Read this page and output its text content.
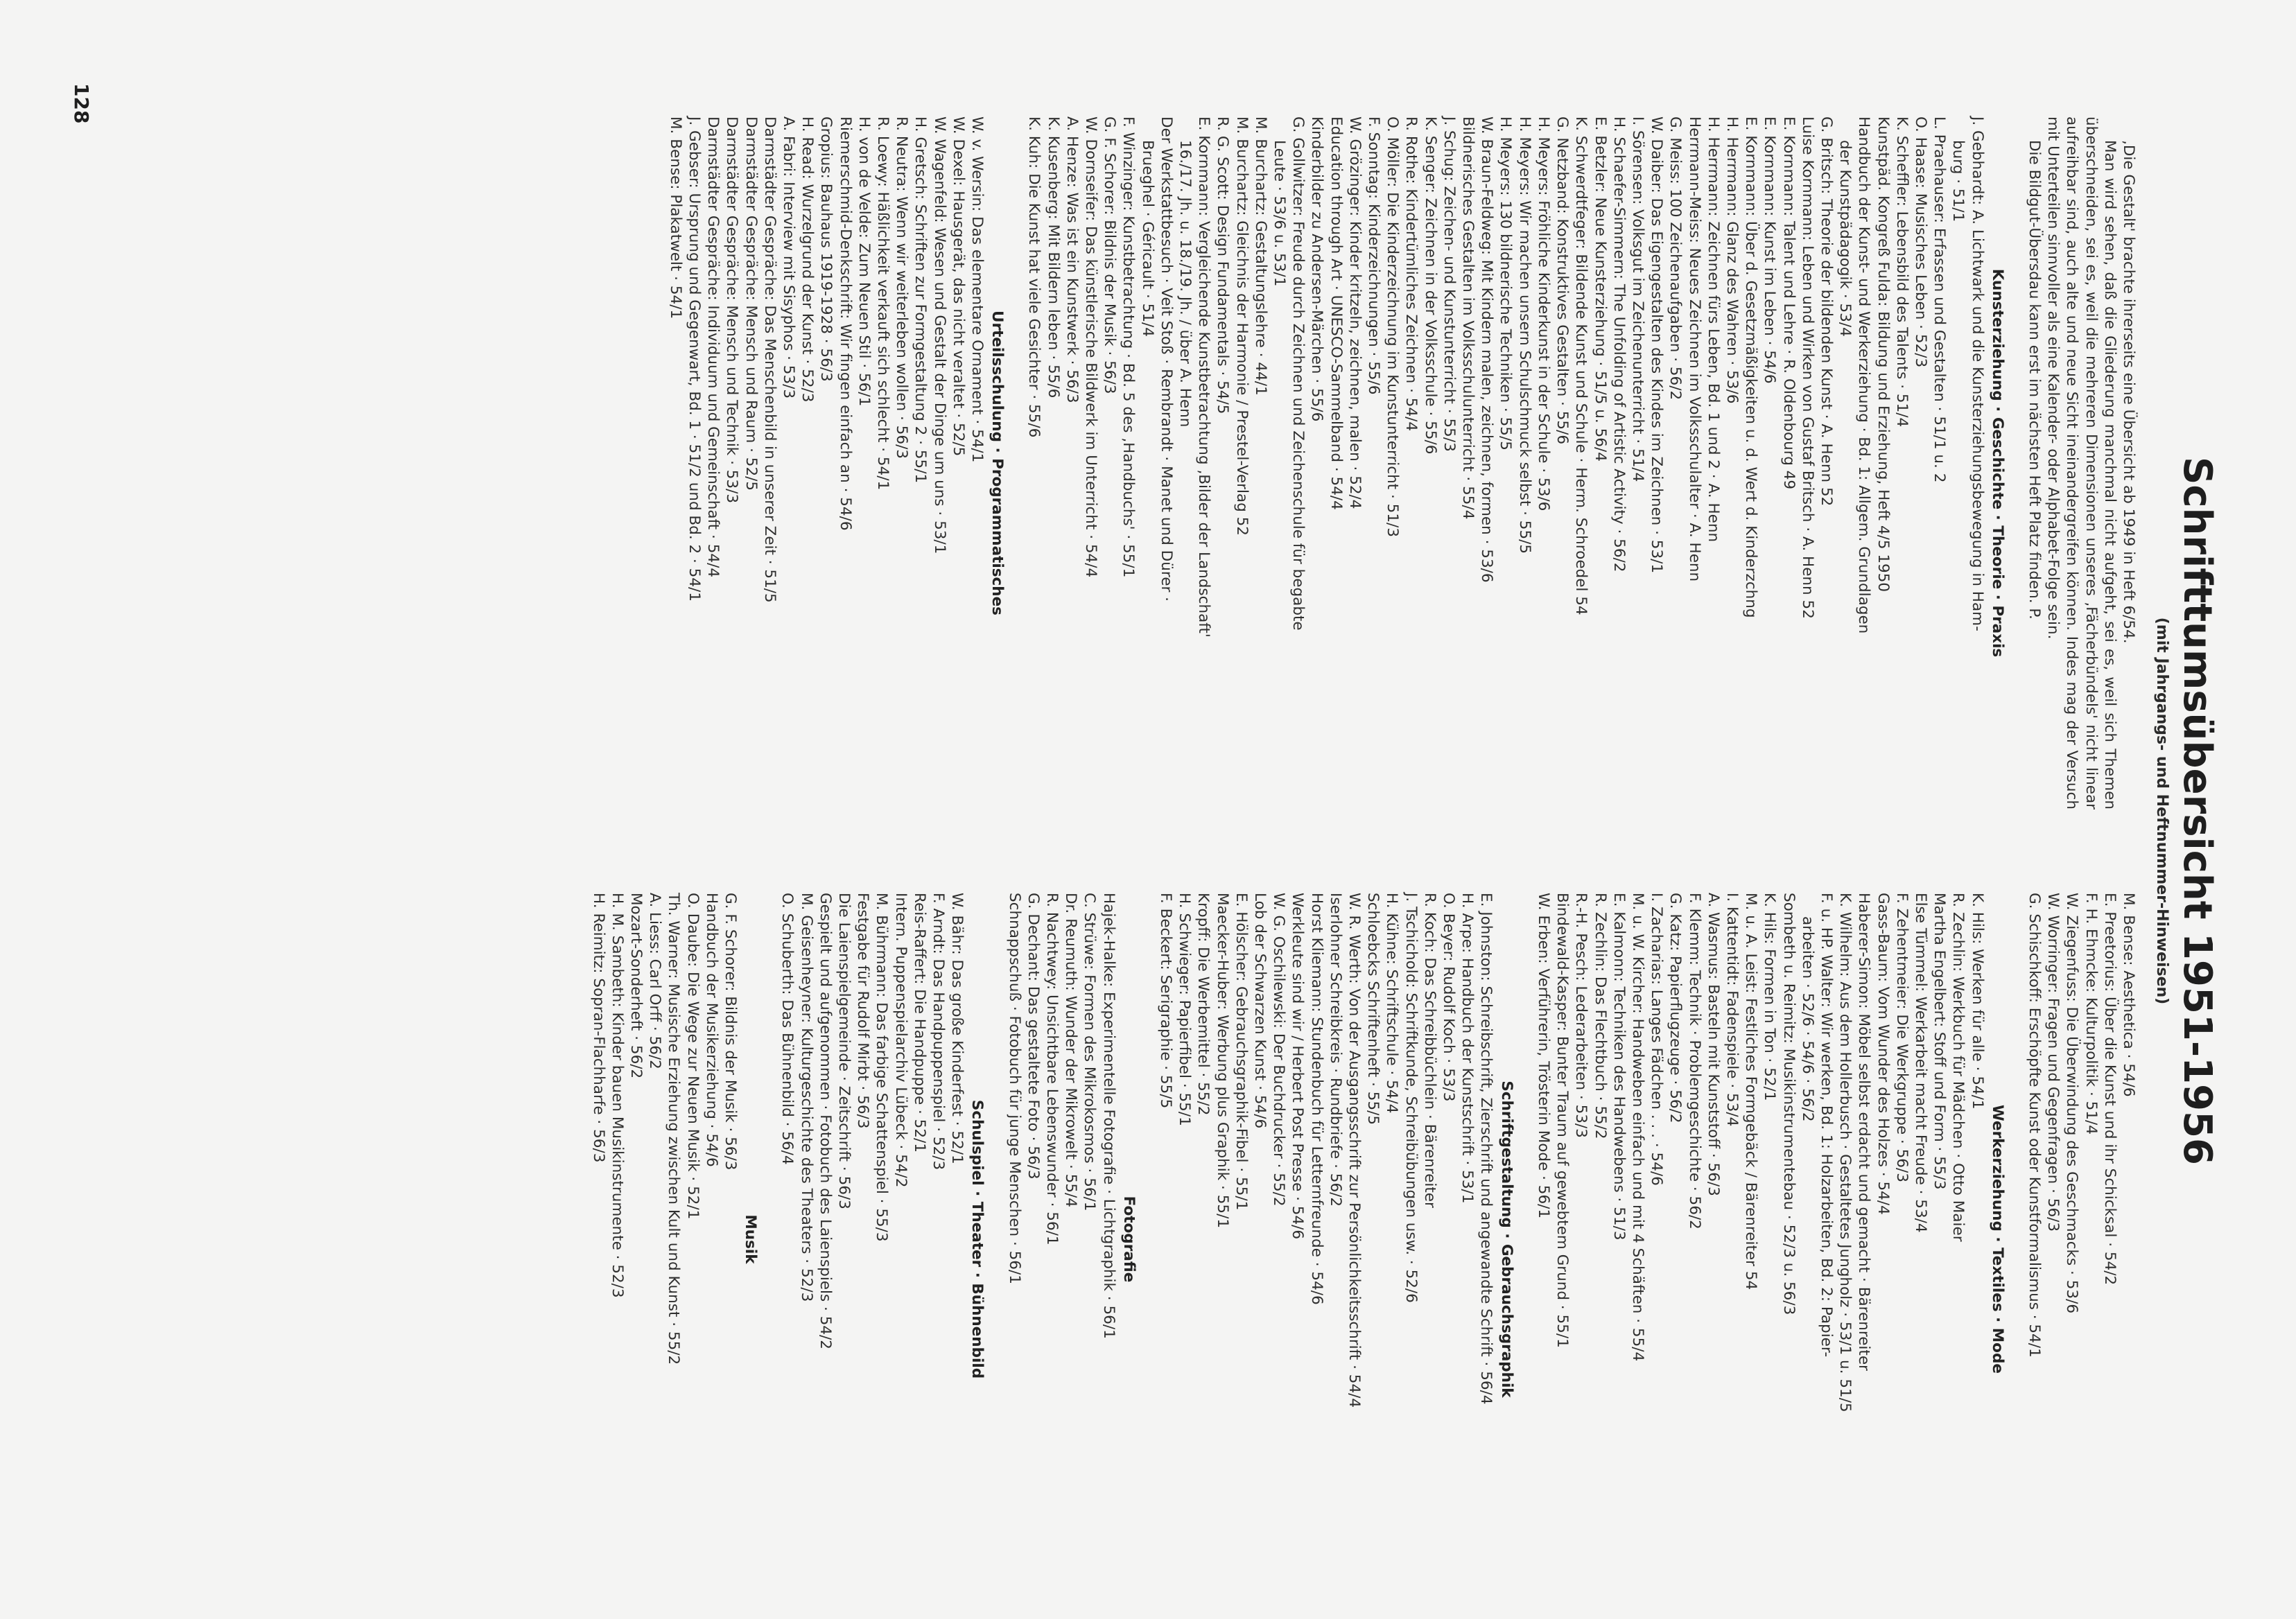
Schrifttumsübersicht 1951-1956
(mit Jahrgangs- und Heftnummer-Hinweisen)

‚Die Gestalt' brachte ihrerseits eine Übersicht ab 1949 in Heft 6/54.

Man wird sehen, daß die Gliederung manchmal nicht aufgeht, sei es, weil sich Themen überschneiden, sei es, weil die mehreren Dimensionen unseres ‚Fächerbündels' nicht linear aufreihbar sind, auch alte und neue Sicht ineinandergreifen können. Indes mag der Versuch mit Unterteilen sinnvoller als eine Kalender- oder Alphabet-Folge sein.

Die Bildgut-Übersdau kann erst im nächsten Heft Platz finden. P.

Kunsterziehung · Geschichte · Theorie · Praxis
J. Gebhardt: A. Lichtwark und die Kunsterziehungsbewegung in Ham-
burg · 51/1
L. Praehauser: Erfassen und Gestalten · 51/1 u. 2
O. Haase: Musisches Leben · 52/3
K. Scheffler: Lebensbild des Talents · 51/4
Kunstpäd. Kongreß Fulda: Bildung und Erziehung, Heft 4/5 1950
Handbuch der Kunst- und Werkerziehung · Bd. 1: Allgem. Grundlagen
der Kunstpädagogik · 53/4
G. Britsch: Theorie der bildenden Kunst · A. Henn 52
Luise Kornmann: Leben und Wirken von Gustaf Britsch · A. Henn 52
E. Kornmann: Talent und Lehre · R. Oldenbourg 49
E. Kornmann: Kunst im Leben · 54/6
E. Kornmann: Über d. Gesetzmäßigkeiten u. d. Wert d. Kinderzchng
H. Herrmann: Glanz des Wahren · 53/6
H. Herrmann: Zeichnen fürs Leben, Bd. 1 und 2 · A. Henn
Herrmann-Meiss: Neues Zeichnen im Volksschulalter · A. Henn
G. Meiss: 100 Zeichenaufgaben · 56/2
W. Daiber: Das Eigengestalten des Kindes im Zeichnen · 53/1
I. Sörensen: Volksgut im Zeichenunterricht · 51/4
H. Schaefer-Simmern: The Unfolding of Artistic Activity · 56/2
E. Betzler: Neue Kunsterziehung · 51/5 u. 56/4
K. Schwerdtfeger: Bildende Kunst und Schule · Herm. Schroedel 54
G. Netzband: Konstruktives Gestalten · 55/6
H. Meyers: Fröhliche Kinderkunst in der Schule · 53/6
H. Meyers: Wir machen unsern Schulschmuck selbst · 55/5
H. Meyers: 130 bildnerische Techniken · 55/5
W. Braun-Feldweg: Mit Kindern malen, zeichnen, formen · 53/6
Bildnerisches Gestalten im Volksschulunterricht · 55/4
J. Schug: Zeichen- und Kunstunterricht · 55/3
K. Senger: Zeichnen in der Volksschule · 55/6
R. Rothe: Kindertümliches Zeichnen · 54/4
O. Möller: Die Kinderzeichnung im Kunstunterricht · 51/3
F. Sonntag: Kinderzeichnungen · 55/6
W. Grözinger: Kinder kritzeln, zeichnen, malen · 52/4
Education through Art · UNESCO-Sammelband · 54/4
Kinderbilder zu Andersen-Märchen · 55/6
G. Gollwitzer: Freude durch Zeichnen und Zeichenschule für begabte
Leute · 53/6 u. 53/1
M. Burchartz: Gestaltungslehre · 44/1
M. Burchartz: Gleichnis der Harmonie / Prestel-Verlag 52
R. G. Scott: Design Fundamentals · 54/5
E. Kornmann: Vergleichende Kunstbetrachtung ‚Bilder der Landschaft'
16./17. Jh. u. 18./19. Jh. / über A. Henn
Der Werkstattbesuch · Veit Stoß · Rembrandt · Manet und Dürer ·
Brueghel · Géricault · 51/4
F. Winzinger: Kunstbetrachtung · Bd. 5 des ‚Handbuchs' · 55/1
G. F. Schorer: Bildnis der Musik · 56/3
W. Dornseifer: Das künstlerische Bildwerk im Unterricht · 54/4
A. Henze: Was ist ein Kunstwerk · 56/3
K. Kusenberg: Mit Bildern leben · 55/6
K. Kuh: Die Kunst hat viele Gesichter · 55/6
Urteilsschulung · Programmatisches
W. v. Wersin: Das elementare Ornament · 54/1
W. Dexel: Hausgerät, das nicht veraltet · 52/5
W. Wagenfeld: Wesen und Gestalt der Dinge um uns · 53/1
H. Gretsch: Schriften zur Formgestaltung 2 · 55/1
R. Neutra: Wenn wir weiterleben wollen · 56/3
R. Loewy: Häßlichkeit verkauft sich schlecht · 54/1
H. von de Velde: Zum Neuen Stil · 56/1
Riemerschmid-Denkschrift: Wir fingen einfach an · 54/6
Gropius: Bauhaus 1919-1928 · 56/3
H. Read: Wurzelgrund der Kunst · 52/3
A. Fabri: Interview mit Sisyphos · 53/3
Darmstädter Gespräche: Das Menschenbild in unserer Zeit · 51/5
Darmstädter Gespräche: Mensch und Raum · 52/5
Darmstädter Gespräche: Mensch und Technik · 53/3
Darmstädter Gespräche: Individuum und Gemeinschaft · 54/4
J. Gebser: Ursprung und Gegenwart, Bd. 1 · 51/2 und Bd. 2 · 54/1
M. Bense: Plakatwelt · 54/1
M. Bense: Aesthetica · 54/6
E. Preetorius: Über die Kunst und ihr Schicksal · 54/2
F. H. Ehmcke: Kulturpolitik · 51/4
W. Ziegenfuss: Die Überwindung des Geschmacks · 53/6
W. Worringer: Fragen und Gegenfragen · 56/3
G. Schischkoff: Erschöpfte Kunst oder Kunstformalismus · 54/1
Werkerziehung · Textiles · Mode
K. Hils: Werken für alle · 54/1
R. Zechlin: Werkbuch für Mädchen · Otto Maier
Martha Engelbert: Stoff und Form · 55/3
Else Tümmel: Werkarbeit macht Freude · 53/4
F. Zehentmeier: Die Werkgruppe · 56/3
Gass-Baum: Vom Wunder des Holzes · 54/4
Haberer-Simon: Möbel selbst erdacht und gemacht · Bärenreiter
K. Wilhelm: Aus dem Hollerbusch · Gestaltetes Jungholz · 53/1 u. 51/5
F. u. HP. Walter: Wir werken, Bd. 1: Holzarbeiten, Bd. 2: Papier-
arbeiten · 52/6 · 54/6 · 56/2
Sombeth u. Reimitz: Musikinstrumentebau · 52/3 u. 56/3
K. Hils: Formen in Ton · 52/1
M. u. A. Leist: Festliches Formgebäck / Bärenreiter 54
I. Kattentidt: Fadenspiele · 53/4
A. Wasmus: Basteln mit Kunststoff · 56/3
F. Klemm: Technik · Problemgeschichte · 56/2
G. Katz: Papierflugzeuge · 56/2
I. Zacharias: Langes Fädchen . . . · 54/6
M. u. W. Kircher: Handweben einfach und mit 4 Schäften · 55/4
E. Kalmonn: Techniken des Handwebens · 51/3
R. Zechlin: Das Flechtbuch · 55/2
R.-H. Pesch: Lederarbeiten · 53/3
Bindewald-Kasper: Bunter Traum auf gewebtem Grund · 55/1
W. Erben: Verführerin, Trösterin Mode · 56/1
Schriftgestaltung · Gebrauchsgraphik
E. Johnston: Schreibschrift, Zierschrift und angewandte Schrift · 56/4
H. Arpe: Handbuch der Kunstschrift · 53/1
O. Beyer: Rudolf Koch · 53/3
R. Koch: Das Schreibbüchlein · Bärenreiter
J. Tschichold: Schriftkunde, Schreibübungen usw. · 52/6
H. Kühne: Schriftschule · 54/4
Schloebcks Schriftenheft · 55/5
W. R. Werth: Von der Ausgangsschrift zur Persönlichkeitsschrift · 54/4
Iserlohner Schreibkreis · Rundbriefe · 56/2
Horst Kliemann: Stundenbuch für Letternfreunde · 54/6
Werkleute sind wir / Herbert Post Presse · 54/6
W. G. Oschilewski: Der Buchdrucker · 55/2
Lob der Schwarzen Kunst · 54/6
E. Hölscher: Gebrauchsgraphik-Fibel · 55/1
Maecker-Huber: Werbung plus Graphik · 55/1
Kropff: Die Werbemittel · 55/2
H. Schwieger: Papierfibel · 55/1
F. Beckert: Serigraphie · 55/5
Fotografie
Hajek-Halke: Experimentelle Fotografie · Lichtgraphik · 56/1
C. Strüwe: Formen des Mikrokosmos · 56/1
Dr. Reumuth: Wunder der Mikrowelt · 55/4
R. Nachtwey: Unsichtbare Lebenswunder · 56/1
G. Dechant: Das gestaltete Foto · 56/3
Schnappschuß · Fotobuch für junge Menschen · 56/1
Schulspiel · Theater · Bühnenbild
W. Bähr: Das große Kinderfest · 52/1
F. Arndt: Das Handpuppenspiel · 52/3
Reis-Raffert: Die Handpuppe · 52/1
Intern. Puppenspielarchiv Lübeck · 54/2
M. Bührmann: Das farbige Schattenspiel · 55/3
Festgabe für Rudolf Mirbt · 56/3
Die Laienspielgemeinde · Zeitschrift · 56/3
Gespielt und aufgenommen · Fotobuch des Laienspiels · 54/2
M. Geisenheyner: Kulturgeschichte des Theaters · 52/3
O. Schuberth: Das Bühnenbild · 56/4
Musik
G. F. Schorer: Bildnis der Musik · 56/3
Handbuch der Musikerziehung · 54/6
O. Daube: Die Wege zur Neuen Musik · 52/1
Th. Warner: Musische Erziehung zwischen Kult und Kunst · 55/2
A. Liess: Carl Orff · 56/2
Mozart-Sonderheft · 56/2
H. M. Sambeth: Kinder bauen Musikinstrumente · 52/3
H. Reimitz: Sopran-Flachharfe · 56/3
128
